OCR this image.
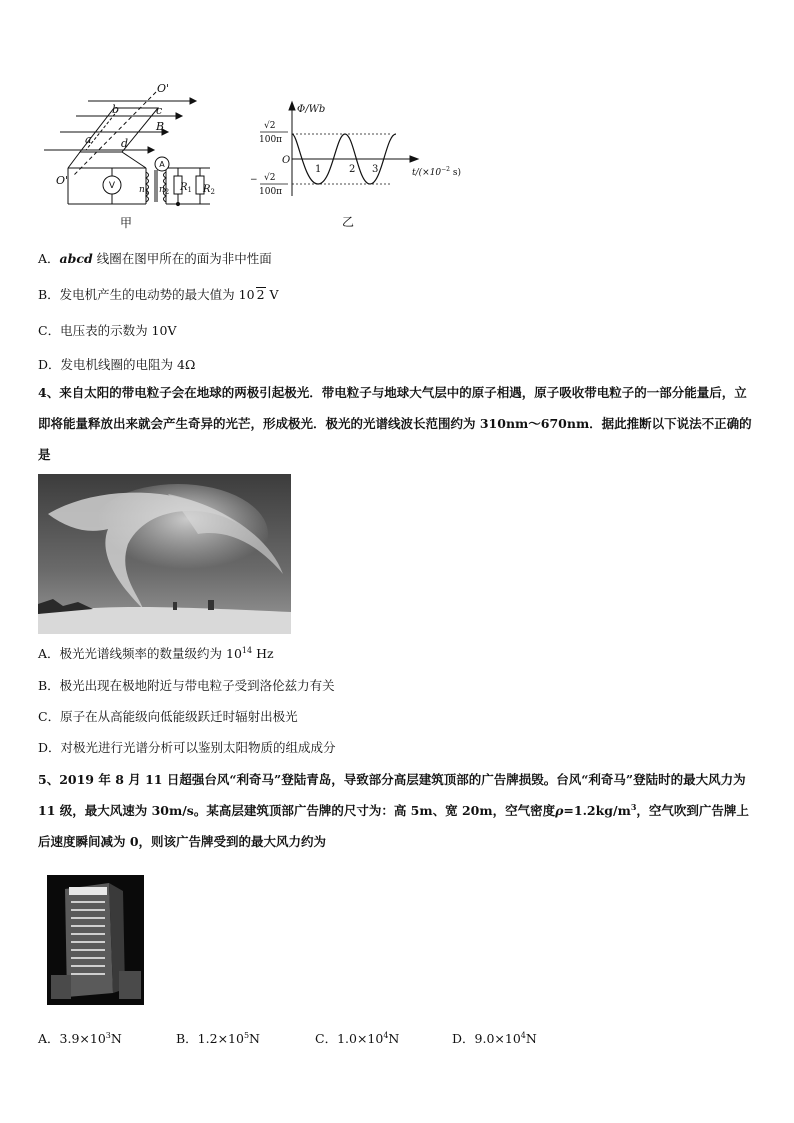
O'
b	c
B
a	d
O'
$n_1$ $n_2$ $R_1$ $R_2$
V
A
甲
Φ/Wb
O
1	2 3	$t/(\times 10^{-2}$ s)
√2
100π
− √2
100π
乙
A．abcd 线圈在图甲所在的面为非中性面
B．发电机产生的电动势的最大值为 10 2 V
C．电压表的示数为 10V
D．发电机线圈的电阻为 4Ω
4、来自太阳的带电粒子会在地球的两极引起极光．带电粒子与地球大气层中的原子相遇，原子吸收带电粒子的一部分能量后，立即将能量释放出来就会产生奇异的光芒，形成极光．极光的光谱线波长范围约为 310nm～670nm．据此推断以下说法不正确的是
A．极光光谱线频率的数量级约为 $10^{14}$ Hz
B．极光出现在极地附近与带电粒子受到洛伦兹力有关
C．原子在从高能级向低能级跃迁时辐射出极光
D．对极光进行光谱分析可以鉴别太阳物质的组成成分
5、2019 年 8 月 11 日超强台风“利奇马”登陆青岛，导致部分高层建筑顶部的广告牌损毁。台风“利奇马”登陆时的最大风力为 11 级，最大风速为 30m/s。某高层建筑顶部广告牌的尺寸为：高 5m、宽 20m，空气密度$\rho=1.2kg/m^3$，空气吹到广告牌上后速度瞬间减为 0，则该广告牌受到的最大风力约为
A．$3.9\times 10^3N$	B．$1.2\times 10^5N$	C．$1.0\times 10^4N$	D．$9.0\times 10^4N$
